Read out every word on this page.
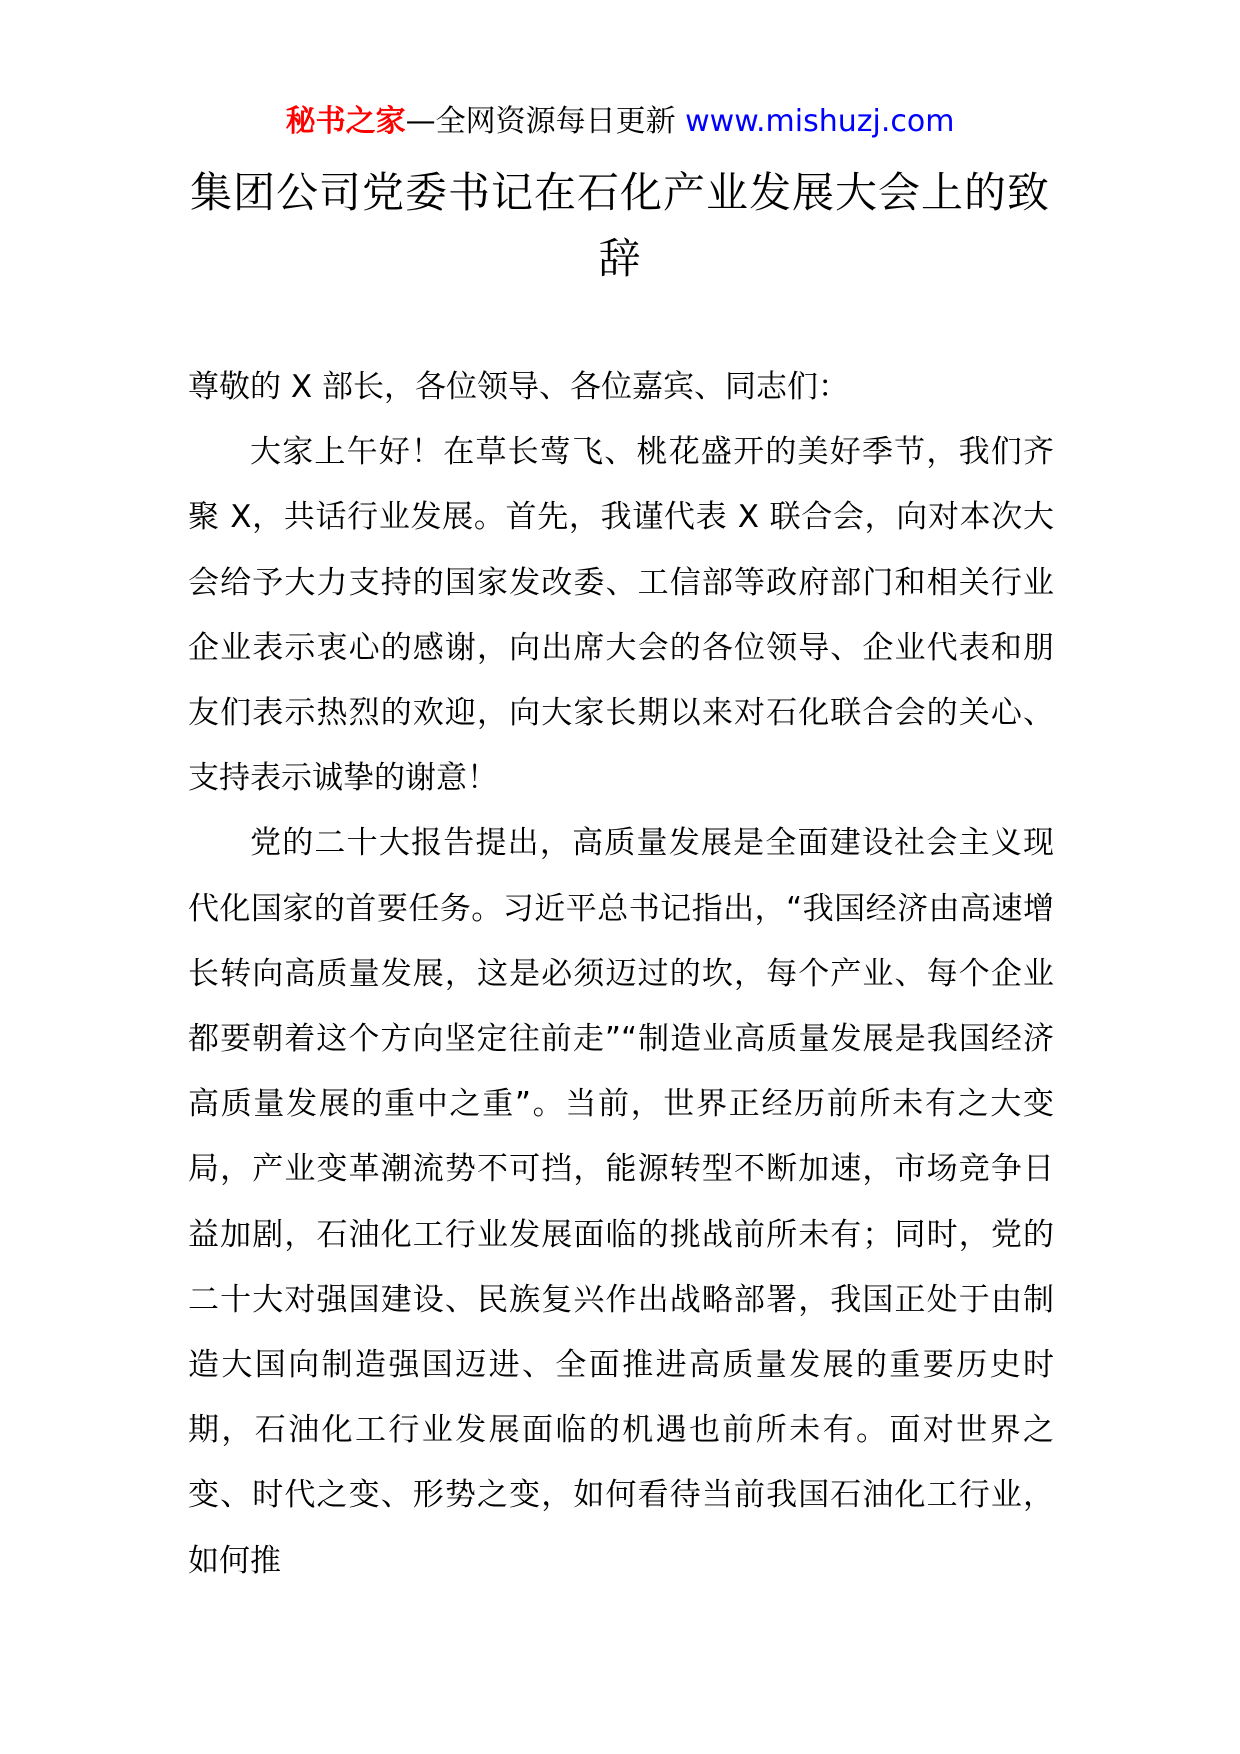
秘书之家—全网资源每日更新 www.mishuzj.com
集团公司党委书记在石化产业发展大会上的致辞

尊敬的 X 部长，各位领导、各位嘉宾、同志们：

大家上午好！在草长莺飞、桃花盛开的美好季节，我们齐聚 X，共话行业发展。首先，我谨代表 X 联合会，向对本次大会给予大力支持的国家发改委、工信部等政府部门和相关行业企业表示衷心的感谢，向出席大会的各位领导、企业代表和朋友们表示热烈的欢迎，向大家长期以来对石化联合会的关心、支持表示诚挚的谢意！

党的二十大报告提出，高质量发展是全面建设社会主义现代化国家的首要任务。习近平总书记指出，“我国经济由高速增长转向高质量发展，这是必须迈过的坎，每个产业、每个企业都要朝着这个方向坚定往前走”“制造业高质量发展是我国经济高质量发展的重中之重”。当前，世界正经历前所未有之大变局，产业变革潮流势不可挡，能源转型不断加速，市场竞争日益加剧，石油化工行业发展面临的挑战前所未有；同时，党的二十大对强国建设、民族复兴作出战略部署，我国正处于由制造大国向制造强国迈进、全面推进高质量发展的重要历史时期，石油化工行业发展面临的机遇也前所未有。面对世界之变、时代之变、形势之变，如何看待当前我国石油化工行业，如何推
